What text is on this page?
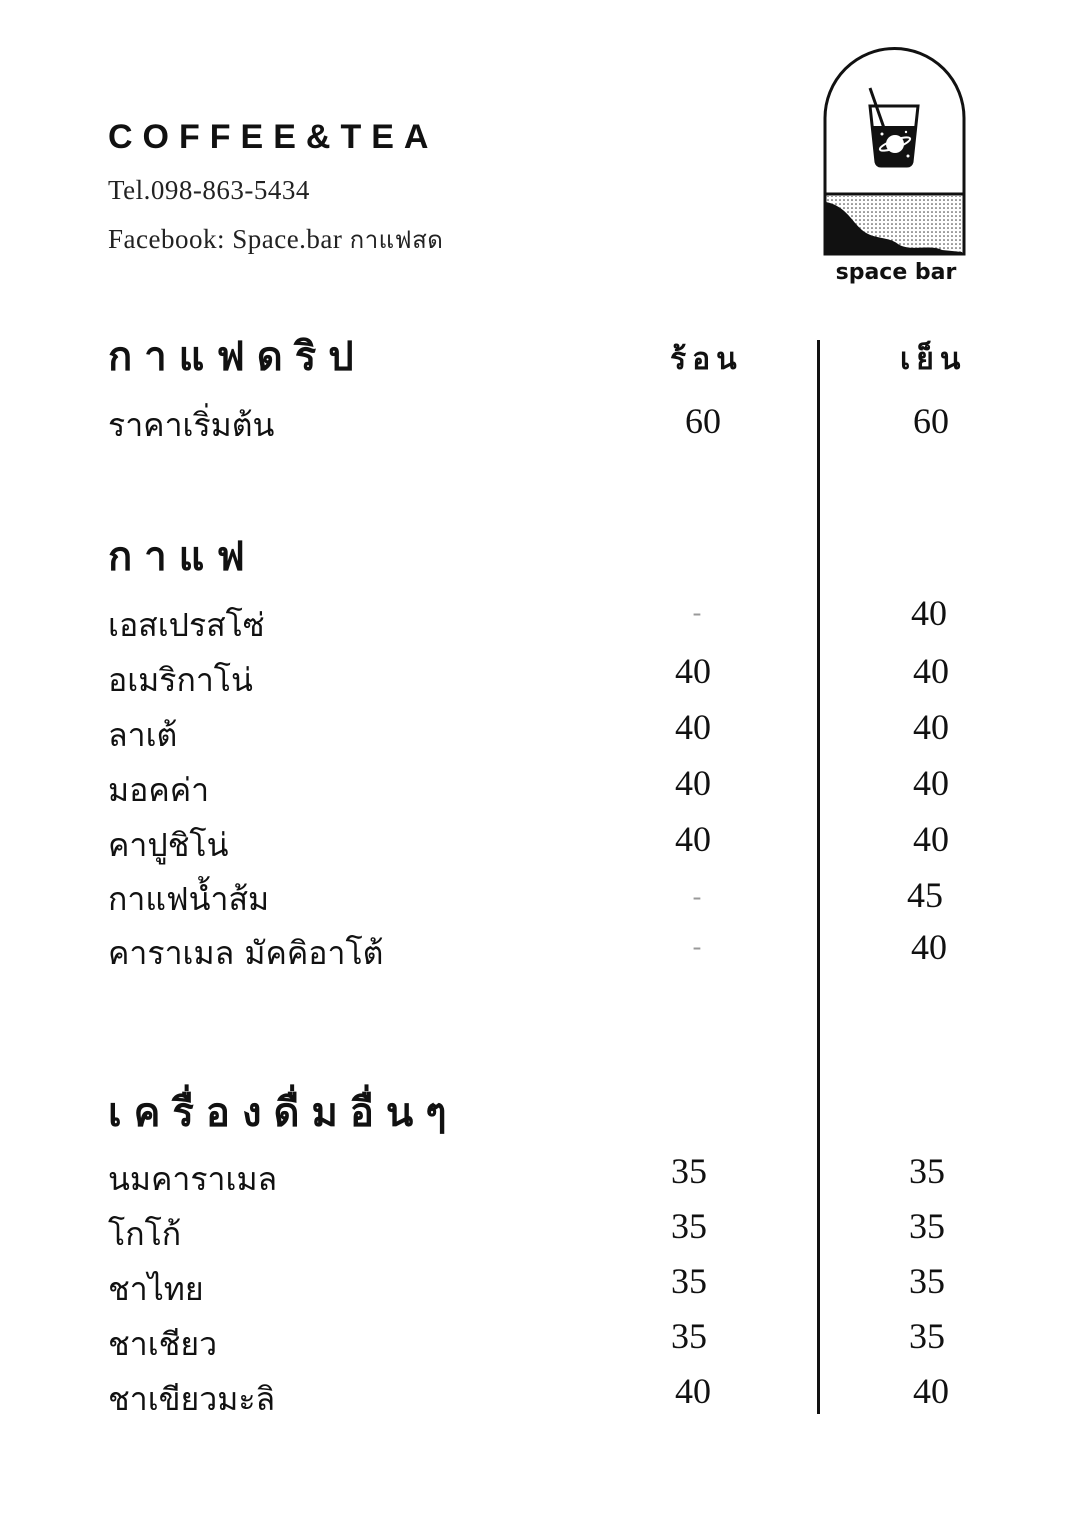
COFFEE&TEA
Tel.098-863-5434
Facebook: Space.bar กาแฟสด
space bar
กาแฟดริป	ร้อน	เย็น
ราคาเริ่มต้น	60	60
กาแฟ
เอสเปรสโซ่	-	40
อเมริกาโน่	40	40
ลาเต้	40	40
มอคค่า	40	40
คาปูชิโน่	40	40
กาแฟน้ำส้ม	-	45
คาราเมล มัคคิอาโต้	-	40
เครื่องดื่มอื่นๆ
นมคาราเมล	35	35
โกโก้	35	35
ชาไทย	35	35
ชาเชียว	35	35
ชาเขียวมะลิ	40	40
